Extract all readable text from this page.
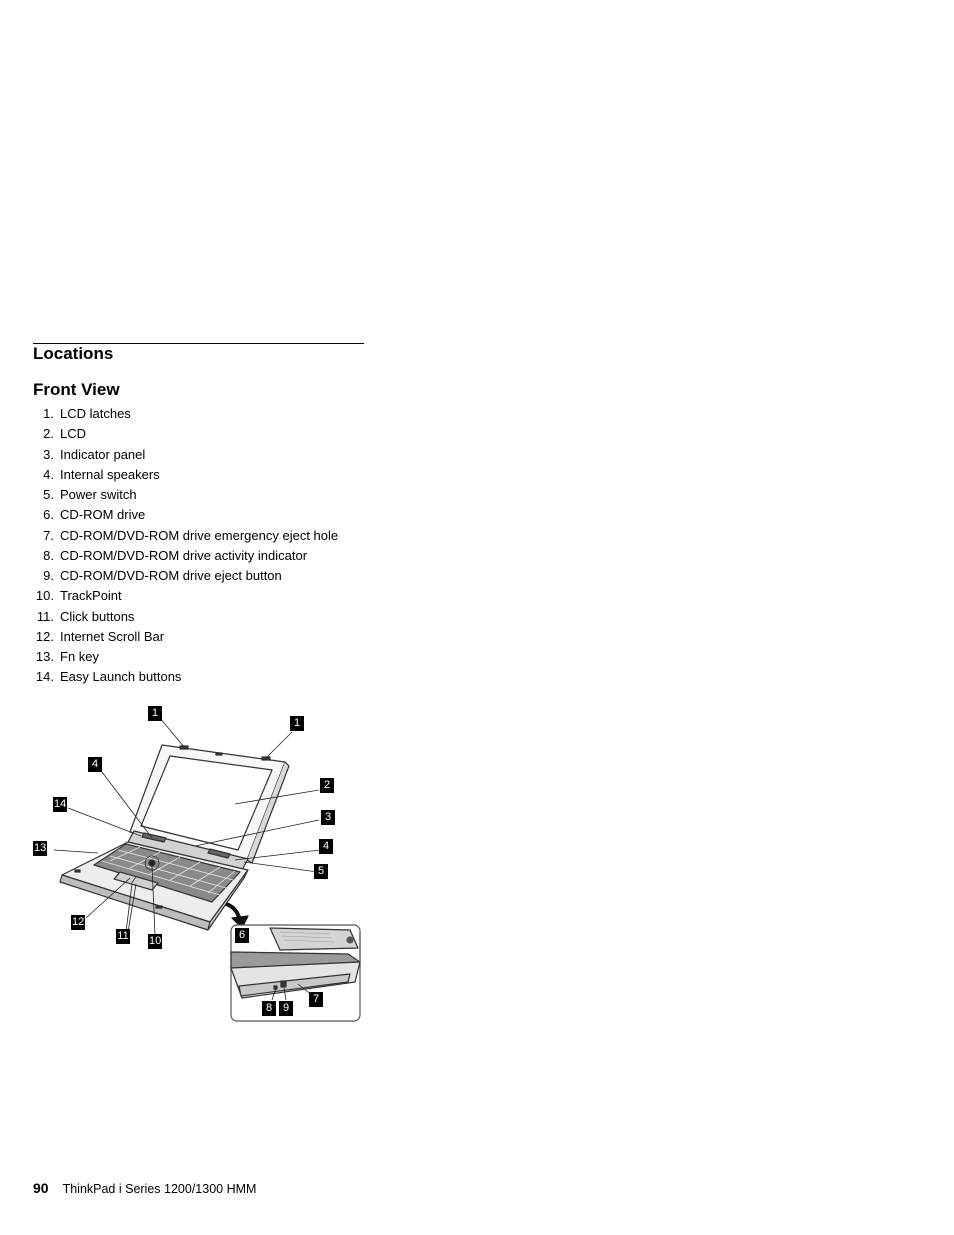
Locations
Front View
1. LCD latches
2. LCD
3. Indicator panel
4. Internal speakers
5. Power switch
6. CD-ROM drive
7. CD-ROM/DVD-ROM drive emergency eject hole
8. CD-ROM/DVD-ROM drive activity indicator
9. CD-ROM/DVD-ROM drive eject button
10. TrackPoint
11. Click buttons
12. Internet Scroll Bar
13. Fn key
14. Easy Launch buttons
1
1
2
3
4
5
4
14
13
12
11 10	6
7
8 9
90 ThinkPad i Series 1200/1300 HMM
